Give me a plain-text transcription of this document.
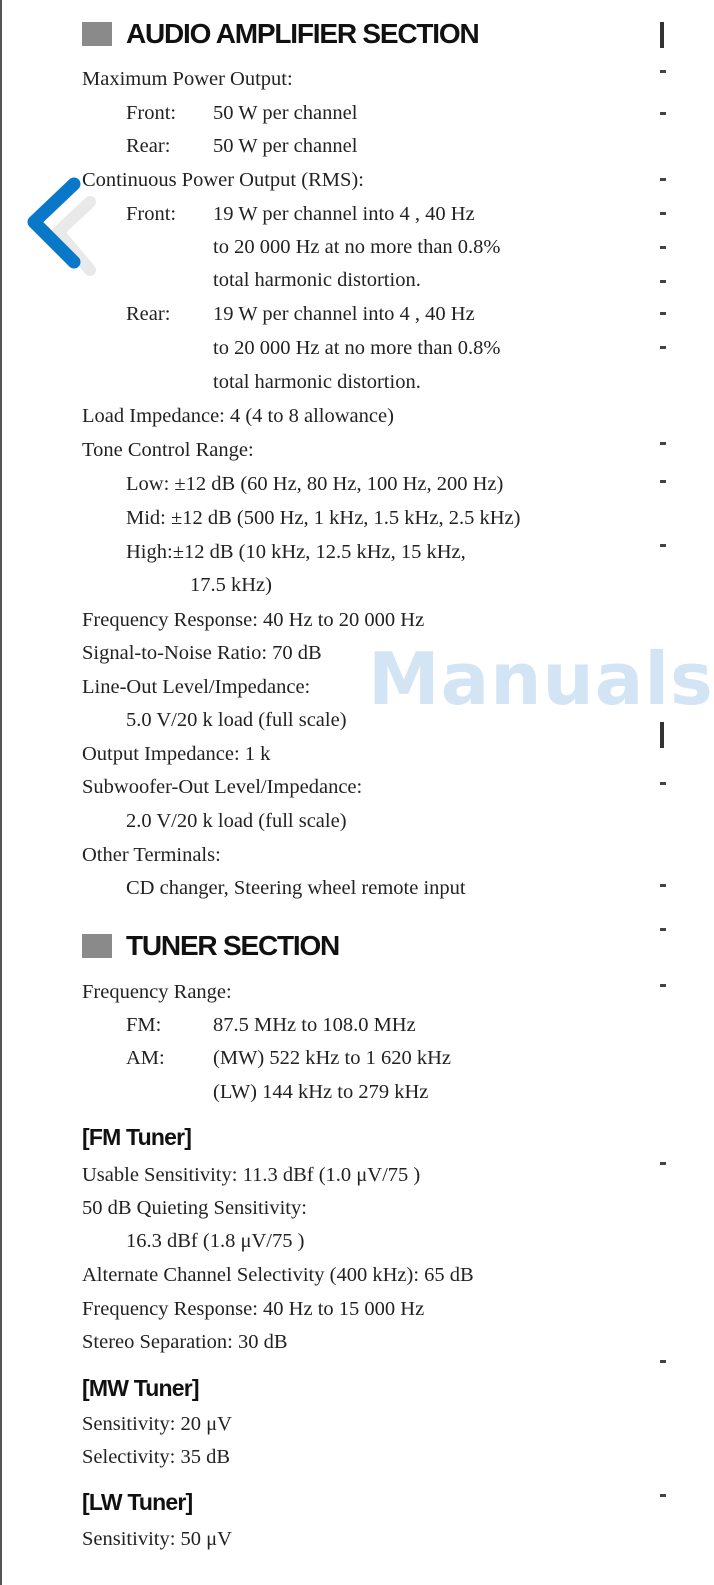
AUDIO AMPLIFIER SECTION
Maximum Power Output:
Front: 50 W per channel
Rear: 50 W per channel
Continuous Power Output (RMS):
Front: 19 W per channel into 4 , 40 Hz
to 20 000 Hz at no more than 0.8%
total harmonic distortion.
Rear: 19 W per channel into 4 , 40 Hz
to 20 000 Hz at no more than 0.8%
total harmonic distortion.
Load Impedance: 4 (4 to 8 allowance)
Tone Control Range:
Low: ±12 dB (60 Hz, 80 Hz, 100 Hz, 200 Hz)
Mid: ±12 dB (500 Hz, 1 kHz, 1.5 kHz, 2.5 kHz)
High:±12 dB (10 kHz, 12.5 kHz, 15 kHz,
17.5 kHz)
Frequency Response: 40 Hz to 20 000 Hz
Signal-to-Noise Ratio: 70 dB
Line-Out Level/Impedance:
5.0 V/20 k load (full scale)
Output Impedance: 1 k
Subwoofer-Out Level/Impedance:
2.0 V/20 k load (full scale)
Other Terminals:
CD changer, Steering wheel remote input
TUNER SECTION
Frequency Range:
FM:	87.5 MHz to 108.0 MHz
AM: (MW) 522 kHz to 1 620 kHz
(LW) 144 kHz to 279 kHz
[FM Tuner]
Usable Sensitivity: 11.3 dBf (1.0 μV/75 )
50 dB Quieting Sensitivity:
16.3 dBf (1.8 μV/75 )
Alternate Channel Selectivity (400 kHz): 65 dB
Frequency Response: 40 Hz to 15 000 Hz
Stereo Separation: 30 dB
[MW Tuner]
Sensitivity: 20 μV
Selectivity: 35 dB
[LW Tuner]
Sensitivity: 50 μV
Manuals
